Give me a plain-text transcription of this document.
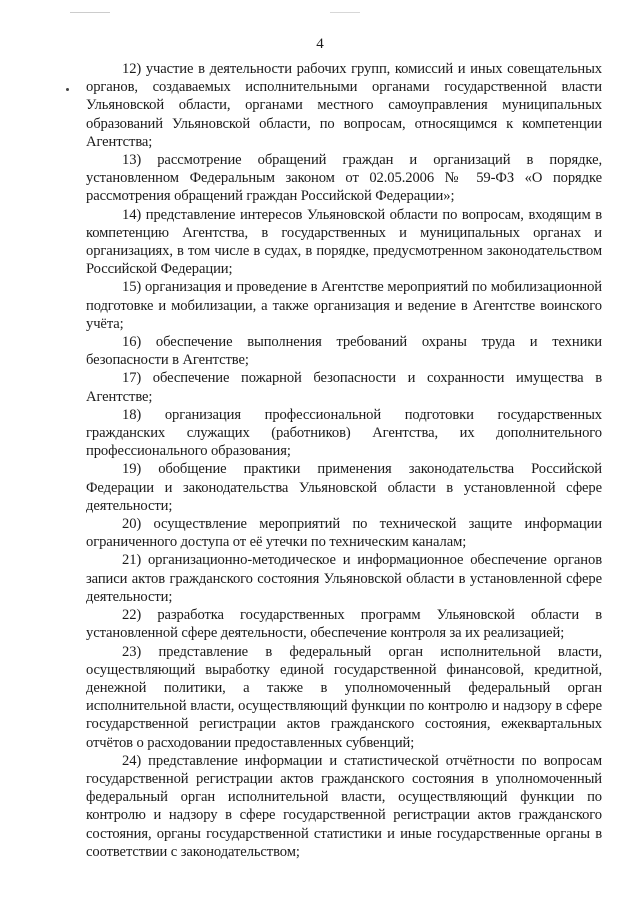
4

12) участие в деятельности рабочих групп, комиссий и иных совещательных органов, создаваемых исполнительными органами государственной власти Ульяновской области, органами местного самоуправления муниципальных образований Ульяновской области, по вопросам, относящимся к компетенции Агентства;

13) рассмотрение обращений граждан и организаций в порядке, установленном Федеральным законом от 02.05.2006 № 59-ФЗ «О порядке рассмотрения обращений граждан Российской Федерации»;

14) представление интересов Ульяновской области по вопросам, входящим в компетенцию Агентства, в государственных и муниципальных органах и организациях, в том числе в судах, в порядке, предусмотренном законодательством Российской Федерации;

15) организация и проведение в Агентстве мероприятий по мобилизационной подготовке и мобилизации, а также организация и ведение в Агентстве воинского учёта;

16) обеспечение выполнения требований охраны труда и техники безопасности в Агентстве;

17) обеспечение пожарной безопасности и сохранности имущества в Агентстве;

18) организация профессиональной подготовки государственных гражданских служащих (работников) Агентства, их дополнительного профессионального образования;

19) обобщение практики применения законодательства Российской Федерации и законодательства Ульяновской области в установленной сфере деятельности;

20) осуществление мероприятий по технической защите информации ограниченного доступа от её утечки по техническим каналам;

21) организационно-методическое и информационное обеспечение органов записи актов гражданского состояния Ульяновской области в установленной сфере деятельности;

22) разработка государственных программ Ульяновской области в установленной сфере деятельности, обеспечение контроля за их реализацией;

23) представление в федеральный орган исполнительной власти, осуществляющий выработку единой государственной финансовой, кредитной, денежной политики, а также в уполномоченный федеральный орган исполнительной власти, осуществляющий функции по контролю и надзору в сфере государственной регистрации актов гражданского состояния, ежеквартальных отчётов о расходовании предоставленных субвенций;

24) представление информации и статистической отчётности по вопросам государственной регистрации актов гражданского состояния в уполномоченный федеральный орган исполнительной власти, осуществляющий функции по контролю и надзору в сфере государственной регистрации актов гражданского состояния, органы государственной статистики и иные государственные органы в соответствии с законодательством;
